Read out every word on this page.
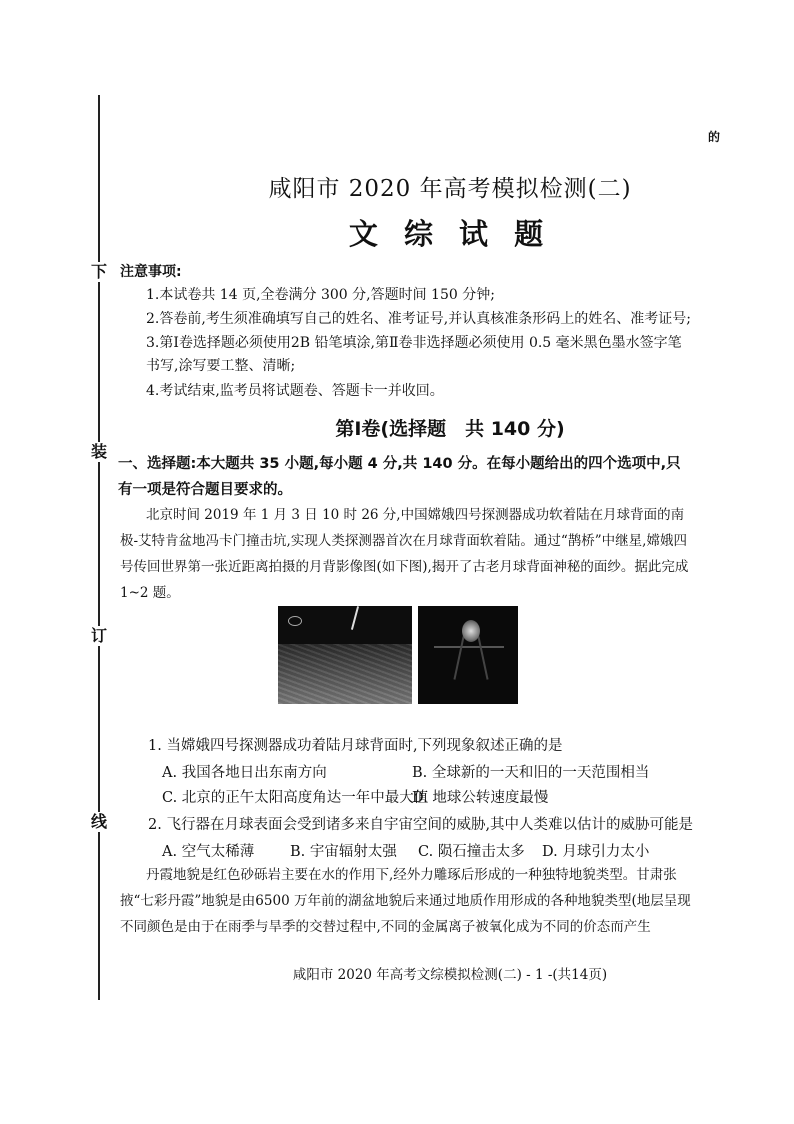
下
装
订
线
的
咸阳市 2020 年高考模拟检测(二)
文 综 试 题
注意事项:
1.本试卷共 14 页,全卷满分 300 分,答题时间 150 分钟;
2.答卷前,考生须准确填写自己的姓名、准考证号,并认真核准条形码上的姓名、准考证号;
3.第Ⅰ卷选择题必须使用2B 铅笔填涂,第Ⅱ卷非选择题必须使用 0.5 毫米黑色墨水签字笔书写,涂写要工整、清晰;
4.考试结束,监考员将试题卷、答题卡一并收回。
第Ⅰ卷(选择题　共 140 分)
一、选择题:本大题共 35 小题,每小题 4 分,共 140 分。在每小题给出的四个选项中,只有一项是符合题目要求的。
北京时间 2019 年 1 月 3 日 10 时 26 分,中国嫦娥四号探测器成功软着陆在月球背面的南极-艾特肯盆地冯卡门撞击坑,实现人类探测器首次在月球背面软着陆。通过“鹊桥”中继星,嫦娥四号传回世界第一张近距离拍摄的月背影像图(如下图),揭开了古老月球背面神秘的面纱。据此完成 1~2 题。
1. 当嫦娥四号探测器成功着陆月球背面时,下列现象叙述正确的是
A. 我国各地日出东南方向	B. 全球新的一天和旧的一天范围相当
C. 北京的正午太阳高度角达一年中最大值
D. 地球公转速度最慢
2. 飞行器在月球表面会受到诸多来自宇宙空间的威胁,其中人类难以估计的威胁可能是
A. 空气太稀薄 B. 宇宙辐射太强 C. 陨石撞击太多 D. 月球引力太小
丹霞地貌是红色砂砾岩主要在水的作用下,经外力雕琢后形成的一种独特地貌类型。甘肃张掖“七彩丹霞”地貌是由6500 万年前的湖盆地貌后来通过地质作用形成的各种地貌类型(地层呈现不同颜色是由于在雨季与旱季的交替过程中,不同的金属离子被氧化成为不同的价态而产生
咸阳市 2020 年高考文综模拟检测(二) - 1 -(共14页)
